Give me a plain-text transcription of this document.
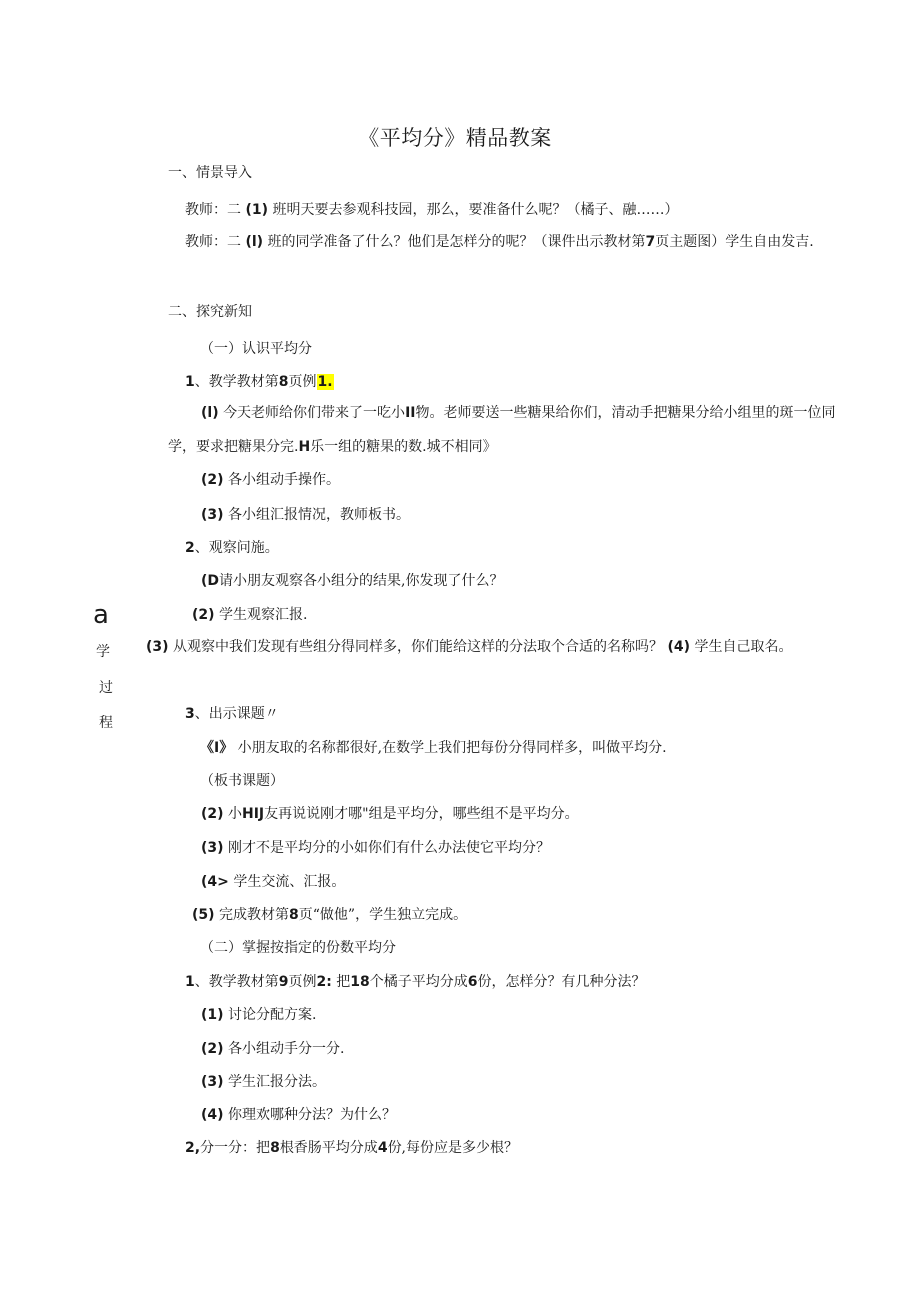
《平均分》精品教案
一、情景导入
教师：二 (1) 班明天要去参观科技园，那么，要准备什么呢？（橘子、融……）
教师：二 (l) 班的同学准备了什么？他们是怎样分的呢？（课件出示教材第7页主题图）学生自由发吉.
二、探究新知
（一）认识平均分
1、教学教材第8页例1.
(l) 今天老师给你们带来了一吃小II物。老师要送一些糖果给你们，清动手把糖果分给小组里的斑一位同学，要求把糖果分完.H乐一组的糖果的数.城不相同》
(2) 各小组动手操作。
(3) 各小组汇报情况，教师板书。
2、观察问施。
(D请小朋友观察各小组分的结果,你发现了什么？
a
学
过
程
(2) 学生观察汇报.
(3) 从观察中我们发现有些组分得同样多，你们能给这样的分法取个合适的名称吗？ (4) 学生自己取名。
3、出示课题〃
《I》 小朋友取的名称都很好,在数学上我们把每份分得同样多，叫做平均分.
（板书课题）
(2) 小HIJ友再说说刚才哪"组是平均分，哪些组不是平均分。
(3) 刚才不是平均分的小如你们有什么办法使它平均分？
(4> 学生交流、汇报。
(5) 完成教材第8页“做他”，学生独立完成。
（二）掌握按指定的份数平均分
1、教学教材第9页例2: 把18个橘子平均分成6份，怎样分？有几种分法？
(1) 讨论分配方案.
(2) 各小组动手分一分.
(3) 学生汇报分法。
(4) 你理欢哪种分法？为什么？
2,分一分：把8根香肠平均分成4份,每份应是多少根？
